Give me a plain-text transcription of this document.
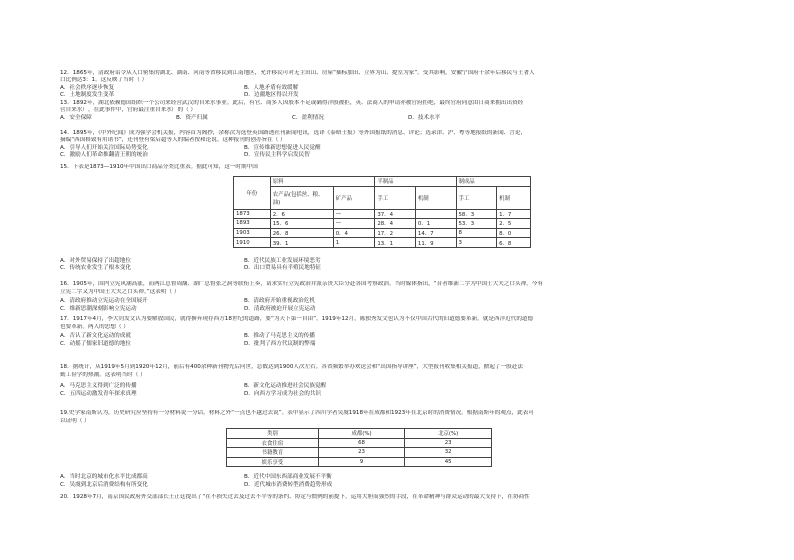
12．1865年，清政府诏令从人口密集的湖北、湖南、河南等省移民到江南地区，允许移民可对无主田山、房屋“插标加田、立界为山、提室为家”。受其影响，安徽宁国府十余年后移民与土著人
口比例达3：1。这反映了当时（ ）
A．社会秩序逐步恢复	B．人地矛盾有效缓解
C．土地制度发生变革	D．边疆地区得以开发
13．1892年，湖北依赖德国组织一个公司来经营武汉的自来水事业。此后，有官、商多人因股本不足或确得洋股被拒，英、法商人的申请亦被官府拒绝，最终官府同意由日商来拥出出资经
营自来水厂。在此事件中，官府最注重自来水厂的（ ）
A．安全保障	B．资产归属	C．盈利情况	D．技术水平
14．1895年，《中外纪闻》成为强学会机关报，内容首为阁抄，余称次为选登英国路透社刊新闻电讯，选译《泰晤士报》等外国报纸的消息、评论；选录津、沪、粤等地报纸的新闻、言论，
摘编“西国格致有用诸书”，还刊登有梁启超等人的编者按和论说。这种报刊的创办旨在（ ）
A．引导人们开始关注国际局势变化	B．宣传维新思想促进人民觉醒
C．激励人们革命推翻清王朝的统治	D．宣传民主科学启发民智
15．下表是1873—1910年中国出口商品分类比重表。据此可知，这一时期中国
年份	原料		半制品		制成品	
	农产品(包括丝、粮、油)	矿产品	手工	机制	手工	机制
1873	2．6	—	37．4		58．3	1．7
1893	15．6	—	28．4	0．1	53．3	2．5
1903	26．8	0．4	17．2	14．7	8	8．0
1910	39．1	1	13．1	11．9	3	6．8
A．对外贸易保持了出超地位	B．近代民族工业发展环境恶劣
C．传统农业发生了根本变化	D．出口贸易具有半殖民地特征
16．1905年，国内立宪风潮高涨，而两江总督周馥、湖广总督张之洞等联衔上奏，请求实行立宪政治并派亲贵大臣分赴各国考察政治。当时媒体指出，“昔者维新二字为中国士大夫之口头禅，今有
立宪二字又为中国士大夫之口头禅。”这表明（ ）
A．清政府推动立宪运动在全国展开	B．清政府开始重视政治危机
C．维新思潮深刻影响立宪运动	D．清政府被迫开展立宪运动
17．1917年4月，李大钊发文认为要解放国民，就得摒弃现存西方18世纪的道路，要“为天下第一自由”。1919年12月，陈独秀发文也认为不仅中国古代的旧道德要革新，就是西洋近代的道德
也要革新。两人的思想（ ）
A．否认了新文化运动的成就	B．推动了马克思主义的传播
C．动摇了儒家旧道德的地位	D．批判了西方代议制的弊端
18．据统计，从1919年5月到1920年12月，前后有400余种新刊物先后问世，总数达到1900人次左右。各省频繁举办欢送会和“出国指导讲座”，大型报刊收集相关报道，掀起了一股赴法
勤工俭学的热潮。这表明当时（ ）
A．马克思主义得到广泛的传播	B．新文化运动推进社会民族觉醒
C．五四运动激发青年探求真理	D．向西方学习成为社会的共识
19.史学家南斯认为，历史研究应坚持有一分材料说一分话，材料之外“一点也不越过去说”。表中显示了四川学者吴虞1918年在成都和1923年在北京时的消费情况。根据南斯年的观点，此表可
以证明（ ）
类别	成都(%)	北京(%)
衣食住宿	68	23
书籍教育	23	32
娱乐享受	9	45
A．当时北京的城市化水平比成都高	B．近代中国东西部商业发展不平衡
C．吴虞到北京后消费结构有所变化	D．近代城市消费转型消费趋势形成
20．1928年7月，南京国民政府外交部部长王正廷提出了“在不损失过去及过去不平等的条约、协定与惯例的前提下，运用大胆而强烈的手段，在革命精神与群众运动的最大支持下，在协商性
